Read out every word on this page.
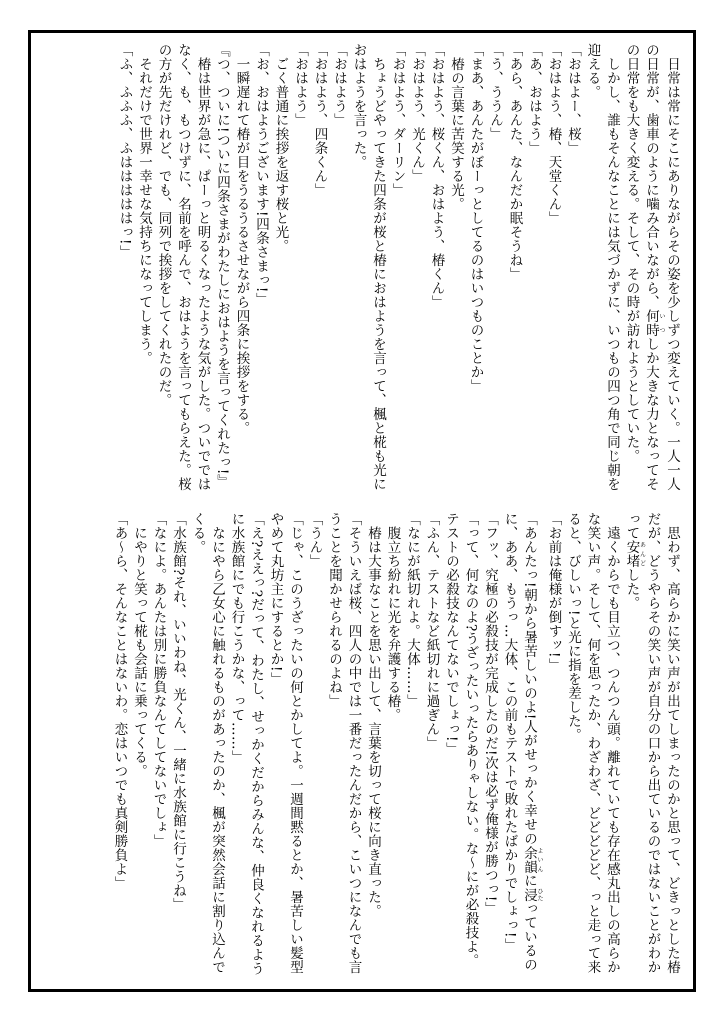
　日常は常にそこにありながらその姿を少しずつ変えていく。一人一人の日常が、歯車のように噛み合いながら、何時 いつしか大きな力となってその日常をも大きく変える。そして、その時が訪れようとしていた。

　しかし、誰もそんなことには気づかずに、いつもの四つ角で同じ朝を迎える。

「おはよー、桜」

「おはよう、椿、天堂くん」

「あ、おはよう」

「あら、あんた、なんだか眠そうね」

「う、ううん」

「まあ、あんたがぼーっとしてるのはいつものことか」

　椿の言葉に苦笑する光。

「おはよう、桜くん、おはよう、椿くん」

「おはよう、光くん」

「おはよう、ダーリン」

　ちょうどやってきた四条が桜と椿におはようを言って、楓と椛も光におはようを言った。

「おはよう」

「おはよう、四条くん」

「おはよう」

　ごく普通に挨拶を返す桜と光。

「お、おはようございます!四条さまっ!」

　一瞬遅れて椿が目をうるうるさせながら四条に挨拶をする。

『つ、ついに!ついに四条さまがわたしにおはようを言ってくれたっ!』

　椿は世界が急に、ぱーっと明るくなったような気がした。ついでではなく、も、もつけずに、名前を呼んで、おはようを言ってもらえた。桜の方が先だけれど、でも、同列で挨拶をしてくれたのだ。

　それだけで世界一幸せな気持ちになってしまう。

「ふ、ふふふ、ふはははははっ!」

　思わず、高らかに笑い声が出てしまったのかと思って、どきっとした椿だが、どうやらその笑い声が自分の口から出ているのではないことがわかって安堵 あんどした。

　遠くからでも目立つ、つんつん頭。離れていても存在感丸出しの高らかな笑い声。そして、何を思ったか、わざわざ、どどどどど、っと走って来ると、びしいっ!と光に指を差した。

「お前は俺様が倒すッ!」

「あんたっ!朝から暑苦しいのよ!人がせっかく幸せの余韻 よいんに浸 ひたっているのに、ああ、もうっ…大体、この前もテストで敗れたばかりでしょっ!」

「フッ、究極の必殺技が完成したのだ!次は必ず俺様が勝つっ!」

「って、何なのよ?うざったいったらありゃしない。な〜にが必殺技よ。テストの必殺技なんてないでしょっ!」

「ふん、テストなど紙切れに過ぎん」

「なにが紙切れよ。大体……」

　腹立ち紛れに光を弁護する椿。

　椿は大事なことを思い出して、言葉を切って桜に向き直った。

「そういえば桜、四人の中では一番だったんだから、こいつになんでも言うことを聞かせられるのよね」

「うん」

「じゃ、このうざったいの何とかしてよ。一週間黙るとか、暑苦しい髪型やめて丸坊主にするとか!」

「え?ええっ?だって、わたし、せっかくだからみんな、仲良くなれるように水族館にでも行こうかな、って……」

　なにやら乙女心に触れるものがあったのか、楓が突然会話に割り込んでくる。

「水族館?それ、いいわね、光くん、一緒に水族館に行こうね」

「なによ。あんたは別に勝負なんてしてないでしょ」

　にやりと笑って椛も会話に乗ってくる。

「あ〜ら、そんなことはないわ。恋はいつでも真剣勝負よ」
